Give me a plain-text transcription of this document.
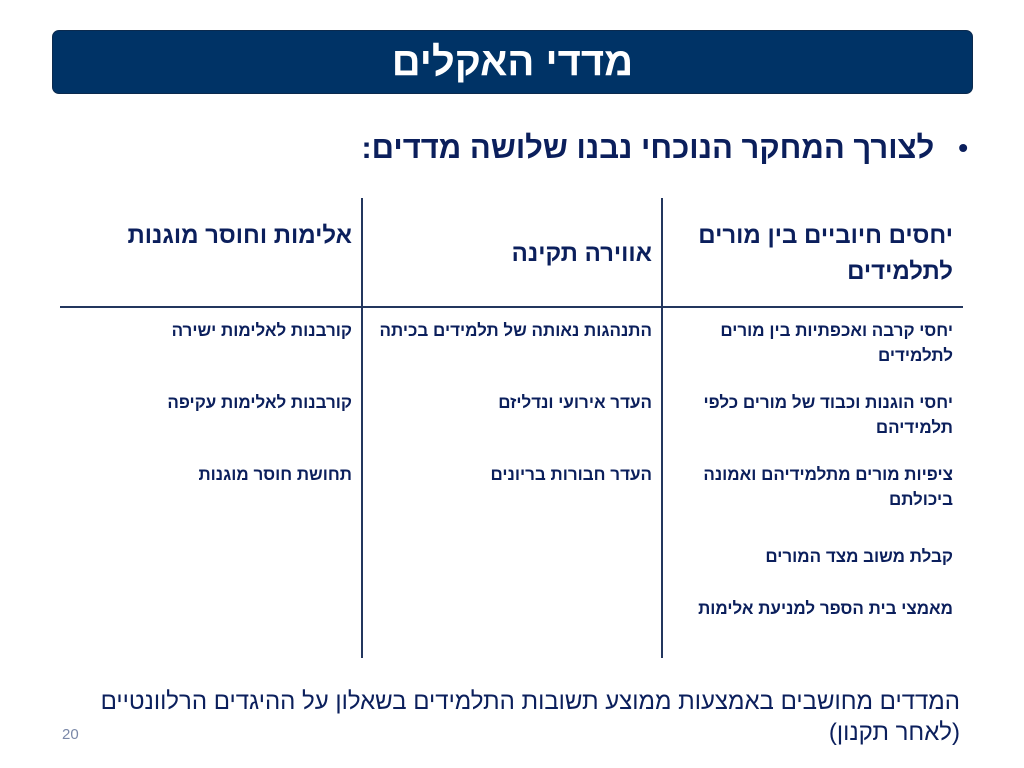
מדדי האקלים
•
לצורך המחקר הנוכחי נבנו שלושה מדדים:
יחסים חיוביים בין מורים לתלמידים
אווירה תקינה
אלימות וחוסר מוגנות
יחסי קרבה ואכפתיות בין מורים לתלמידים
יחסי הוגנות וכבוד של מורים כלפי תלמידיהם
ציפיות מורים מתלמידיהם ואמונה ביכולתם
קבלת משוב מצד המורים
מאמצי בית הספר למניעת אלימות
התנהגות נאותה של תלמידים בכיתה
העדר אירועי ונדליזם
העדר חבורות בריונים
קורבנות לאלימות ישירה
קורבנות לאלימות עקיפה
תחושת חוסר מוגנות
המדדים מחושבים באמצעות ממוצע תשובות התלמידים בשאלון על ההיגדים הרלוונטיים (לאחר תקנון)
20
